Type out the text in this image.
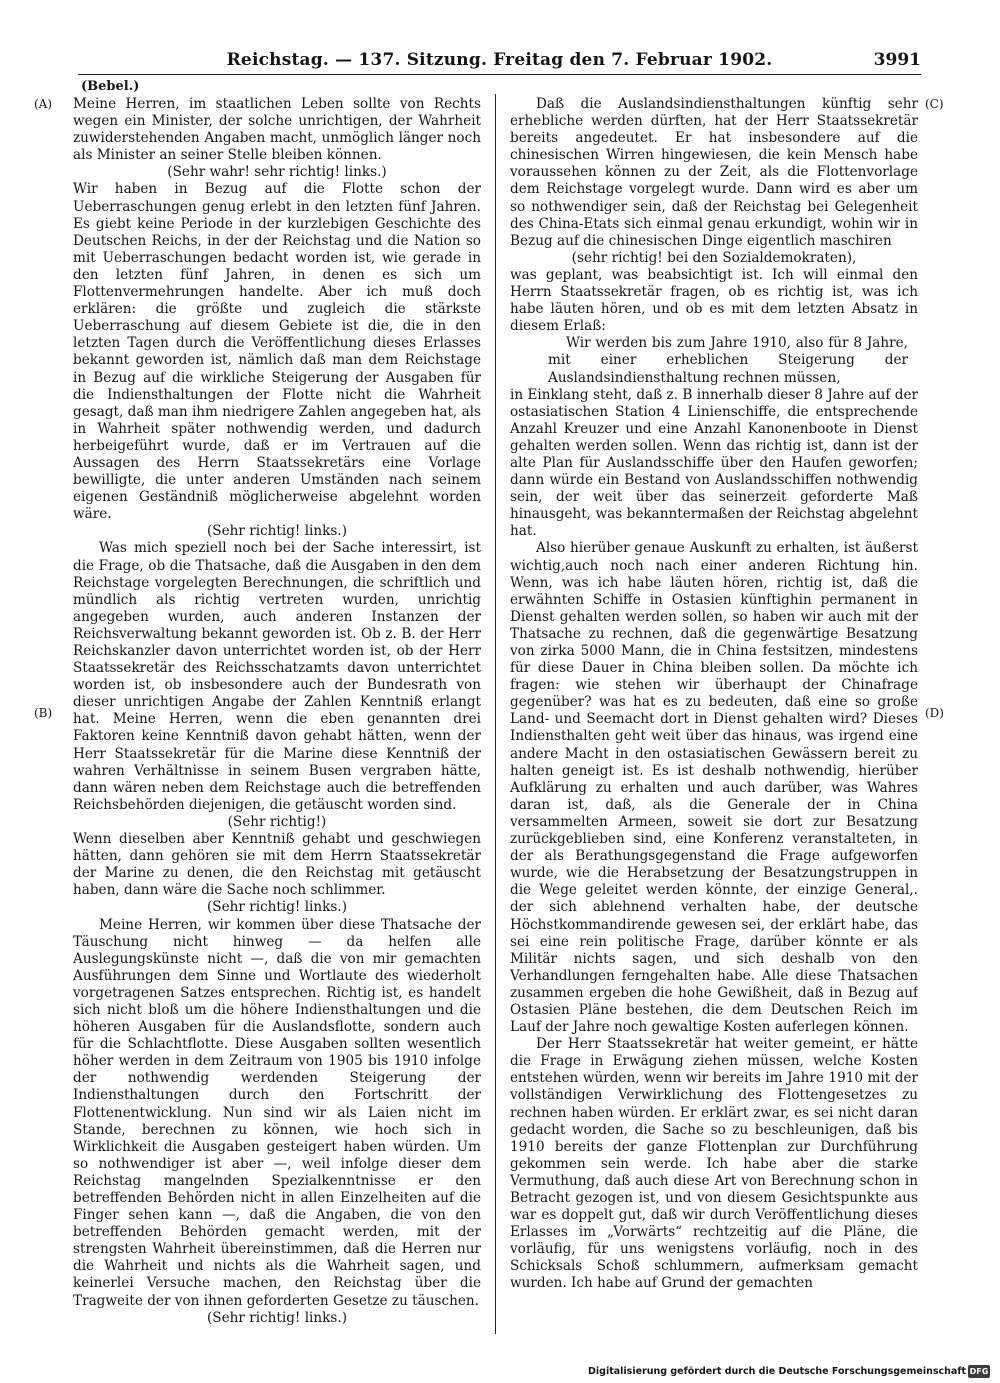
Reichstag. — 137. Sitzung. Freitag den 7. Februar 1902.	3991
(Bebel.)
(A)
(B)
(C)
(D)

Meine Herren, im staatlichen Leben sollte von Rechts wegen ein Minister, der solche unrichtigen, der Wahrheit zuwiderstehenden Angaben macht, unmöglich länger noch als Minister an seiner Stelle bleiben können.

(Sehr wahr! sehr richtig! links.)

Wir haben in Bezug auf die Flotte schon der Ueberraschungen genug erlebt in den letzten fünf Jahren. Es giebt keine Periode in der kurzlebigen Geschichte des Deutschen Reichs, in der der Reichstag und die Nation so mit Ueberraschungen bedacht worden ist, wie gerade in den letzten fünf Jahren, in denen es sich um Flottenvermehrungen handelte. Aber ich muß doch erklären: die größte und zugleich die stärkste Ueberraschung auf diesem Gebiete ist die, die in den letzten Tagen durch die Veröffentlichung dieses Erlasses bekannt geworden ist, nämlich daß man dem Reichstage in Bezug auf die wirkliche Steigerung der Ausgaben für die Indiensthaltungen der Flotte nicht die Wahrheit gesagt, daß man ihm niedrigere Zahlen angegeben hat, als in Wahrheit später nothwendig werden, und dadurch herbeigeführt wurde, daß er im Vertrauen auf die Aussagen des Herrn Staatssekretärs eine Vorlage bewilligte, die unter anderen Umständen nach seinem eigenen Geständniß möglicherweise abgelehnt worden wäre.

(Sehr richtig! links.)

Was mich speziell noch bei der Sache interessirt, ist die Frage, ob die Thatsache, daß die Ausgaben in den dem Reichstage vorgelegten Berechnungen, die schriftlich und mündlich als richtig vertreten wurden, unrichtig angegeben wurden, auch anderen Instanzen der Reichsverwaltung bekannt geworden ist. Ob z. B. der Herr Reichskanzler davon unterrichtet worden ist, ob der Herr Staatssekretär des Reichsschatzamts davon unterrichtet worden ist, ob insbesondere auch der Bundesrath von dieser unrichtigen Angabe der Zahlen Kenntniß erlangt hat. Meine Herren, wenn die eben genannten drei Faktoren keine Kenntniß davon gehabt hätten, wenn der Herr Staatssekretär für die Marine diese Kenntniß der wahren Verhältnisse in seinem Busen vergraben hätte, dann wären neben dem Reichstage auch die betreffenden Reichsbehörden diejenigen, die getäuscht worden sind.

(Sehr richtig!)

Wenn dieselben aber Kenntniß gehabt und geschwiegen hätten, dann gehören sie mit dem Herrn Staatssekretär der Marine zu denen, die den Reichstag mit getäuscht haben, dann wäre die Sache noch schlimmer.

(Sehr richtig! links.)

Meine Herren, wir kommen über diese Thatsache der Täuschung nicht hinweg — da helfen alle Auslegungskünste nicht —, daß die von mir gemachten Ausführungen dem Sinne und Wortlaute des wiederholt vorgetragenen Satzes entsprechen. Richtig ist, es handelt sich nicht bloß um die höhere Indiensthaltungen und die höheren Ausgaben für die Auslandsflotte, sondern auch für die Schlachtflotte. Diese Ausgaben sollten wesentlich höher werden in dem Zeitraum von 1905 bis 1910 infolge der nothwendig werdenden Steigerung der Indiensthaltungen durch den Fortschritt der Flottenentwicklung. Nun sind wir als Laien nicht im Stande, berechnen zu können, wie hoch sich in Wirklichkeit die Ausgaben gesteigert haben würden. Um so nothwendiger ist aber —, weil infolge dieser dem Reichstag mangelnden Spezialkenntnisse er den betreffenden Behörden nicht in allen Einzelheiten auf die Finger sehen kann —, daß die Angaben, die von den betreffenden Behörden gemacht werden, mit der strengsten Wahrheit übereinstimmen, daß die Herren nur die Wahrheit und nichts als die Wahrheit sagen, und keinerlei Versuche machen, den Reichstag über die Tragweite der von ihnen geforderten Gesetze zu täuschen.

(Sehr richtig! links.)

Daß die Auslandsindiensthaltungen künftig sehr erhebliche werden dürften, hat der Herr Staatssekretär bereits angedeutet. Er hat insbesondere auf die chinesischen Wirren hingewiesen, die kein Mensch habe voraussehen können zu der Zeit, als die Flottenvorlage dem Reichstage vorgelegt wurde. Dann wird es aber um so nothwendiger sein, daß der Reichstag bei Gelegenheit des China-Etats sich einmal genau erkundigt, wohin wir in Bezug auf die chinesischen Dinge eigentlich maschiren

(sehr richtig! bei den Sozialdemokraten),

was geplant, was beabsichtigt ist. Ich will einmal den Herrn Staatssekretär fragen, ob es richtig ist, was ich habe läuten hören, und ob es mit dem letzten Absatz in diesem Erlaß:

Wir werden bis zum Jahre 1910, also für 8 Jahre, mit einer erheblichen Steigerung der Auslandsindiensthaltung rechnen müssen,

in Einklang steht, daß z. B innerhalb dieser 8 Jahre auf der ostasiatischen Station 4 Linienschiffe, die entsprechende Anzahl Kreuzer und eine Anzahl Kanonenboote in Dienst gehalten werden sollen. Wenn das richtig ist, dann ist der alte Plan für Auslandsschiffe über den Haufen geworfen; dann würde ein Bestand von Auslandsschiffen nothwendig sein, der weit über das seinerzeit geforderte Maß hinausgeht, was bekanntermaßen der Reichstag abgelehnt hat.

Also hierüber genaue Auskunft zu erhalten, ist äußerst wichtig,auch noch nach einer anderen Richtung hin. Wenn, was ich habe läuten hören, richtig ist, daß die erwähnten Schiffe in Ostasien künftighin permanent in Dienst gehalten werden sollen, so haben wir auch mit der Thatsache zu rechnen, daß die gegenwärtige Besatzung von zirka 5000 Mann, die in China festsitzen, mindestens für diese Dauer in China bleiben sollen. Da möchte ich fragen: wie stehen wir überhaupt der Chinafrage gegenüber? was hat es zu bedeuten, daß eine so große Land- und Seemacht dort in Dienst gehalten wird? Dieses Indiensthalten geht weit über das hinaus, was irgend eine andere Macht in den ostasiatischen Gewässern bereit zu halten geneigt ist. Es ist deshalb nothwendig, hierüber Aufklärung zu erhalten und auch darüber, was Wahres daran ist, daß, als die Generale der in China versammelten Armeen, soweit sie dort zur Besatzung zurückgeblieben sind, eine Konferenz veranstalteten, in der als Berathungsgegenstand die Frage aufgeworfen wurde, wie die Herabsetzung der Besatzungstruppen in die Wege geleitet werden könnte, der einzige General,. der sich ablehnend verhalten habe, der deutsche Höchstkommandirende gewesen sei, der erklärt habe, das sei eine rein politische Frage, darüber könnte er als Militär nichts sagen, und sich deshalb von den Verhandlungen ferngehalten habe. Alle diese Thatsachen zusammen ergeben die hohe Gewißheit, daß in Bezug auf Ostasien Pläne bestehen, die dem Deutschen Reich im Lauf der Jahre noch gewaltige Kosten auferlegen können.

Der Herr Staatssekretär hat weiter gemeint, er hätte die Frage in Erwägung ziehen müssen, welche Kosten entstehen würden, wenn wir bereits im Jahre 1910 mit der vollständigen Verwirklichung des Flottengesetzes zu rechnen haben würden. Er erklärt zwar, es sei nicht daran gedacht worden, die Sache so zu beschleunigen, daß bis 1910 bereits der ganze Flottenplan zur Durchführung gekommen sein werde. Ich habe aber die starke Vermuthung, daß auch diese Art von Berechnung schon in Betracht gezogen ist, und von diesem Gesichtspunkte aus war es doppelt gut, daß wir durch Veröffentlichung dieses Erlasses im „Vorwärts“ rechtzeitig auf die Pläne, die vorläufig, für uns wenigstens vorläufig, noch in des Schicksals Schoß schlummern, aufmerksam gemacht wurden. Ich habe auf Grund der gemachten

Digitalisierung gefördert durch die Deutsche Forschungsgemeinschaft DFG
